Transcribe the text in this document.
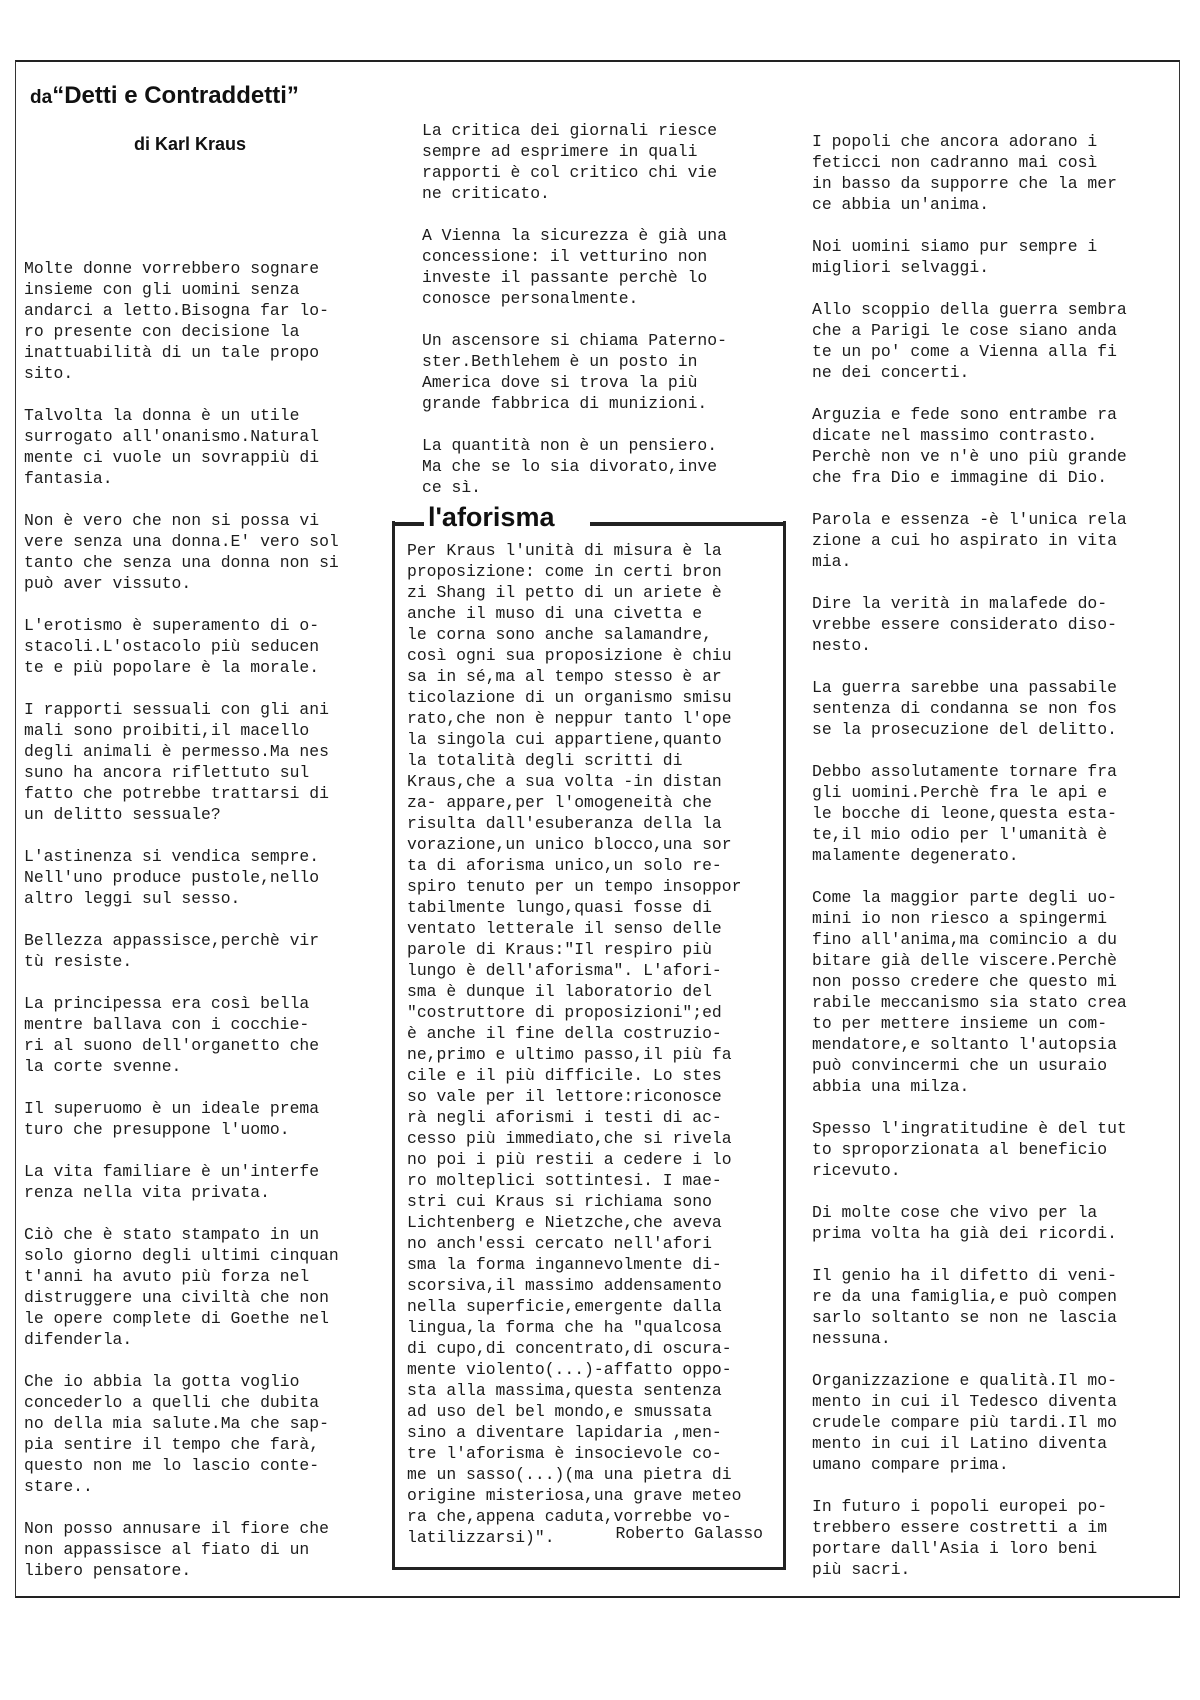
da“Detti e Contraddetti”
di Karl Kraus

Molte donne vorrebbero sognare
insieme con gli uomini senza
andarci a letto.Bisogna far lo-
ro presente con decisione la
inattuabilità di un tale propo
sito.

Talvolta la donna è un utile
surrogato all'onanismo.Natural
mente ci vuole un sovrappiù di
fantasia.

Non è vero che non si possa vi
vere senza una donna.E' vero sol
tanto che senza una donna non si
può aver vissuto.

L'erotismo è superamento di o-
stacoli.L'ostacolo più seducen
te e più popolare è la morale.

I rapporti sessuali con gli ani
mali sono proibiti,il macello
degli animali è permesso.Ma nes
suno ha ancora riflettuto sul
fatto che potrebbe trattarsi di
un delitto sessuale?

L'astinenza si vendica sempre.
Nell'uno produce pustole,nello
altro leggi sul sesso.

Bellezza appassisce,perchè vir
tù resiste.

La principessa era così bella
mentre ballava con i cocchie-
ri al suono dell'organetto che
la corte svenne.

Il superuomo è un ideale prema
turo che presuppone l'uomo.

La vita familiare è un'interfe
renza nella vita privata.

Ciò che è stato stampato in un
solo giorno degli ultimi cinquan
t'anni ha avuto più forza nel
distruggere una civiltà che non
le opere complete di Goethe nel
difenderla.

Che io abbia la gotta voglio
concederlo a quelli che dubita
no della mia salute.Ma che sap-
pia sentire il tempo che farà,
questo non me lo lascio conte-
stare..

Non posso annusare il fiore che
non appassisce al fiato di un
libero pensatore.

La critica dei giornali riesce
sempre ad esprimere in quali
rapporti è col critico chi vie
ne criticato.

A Vienna la sicurezza è già una
concessione: il vetturino non
investe il passante perchè lo
conosce personalmente.

Un ascensore si chiama Paterno-
ster.Bethlehem è un posto in
America dove si trova la più
grande fabbrica di munizioni.

La quantità non è un pensiero.
Ma che se lo sia divorato,inve
ce sì.

l'aforisma

Per Kraus l'unità di misura è la
proposizione: come in certi bron
zi Shang il petto di un ariete è
anche il muso di una civetta e
le corna sono anche salamandre,
così ogni sua proposizione è chiu
sa in sé,ma al tempo stesso è ar
ticolazione di un organismo smisu
rato,che non è neppur tanto l'ope
la singola cui appartiene,quanto
la totalità degli scritti di
Kraus,che a sua volta -in distan
za- appare,per l'omogeneità che
risulta dall'esuberanza della la
vorazione,un unico blocco,una sor
ta di aforisma unico,un solo re-
spiro tenuto per un tempo insoppor
tabilmente lungo,quasi fosse di
ventato letterale il senso delle
parole di Kraus:"Il respiro più
lungo è dell'aforisma". L'afori-
sma è dunque il laboratorio del
"costruttore di proposizioni";ed
è anche il fine della costruzio-
ne,primo e ultimo passo,il più fa
cile e il più difficile. Lo stes
so vale per il lettore:riconosce
rà negli aforismi i testi di ac-
cesso più immediato,che si rivela
no poi i più restii a cedere i lo
ro molteplici sottintesi. I mae-
stri cui Kraus si richiama sono
Lichtenberg e Nietzche,che aveva
no anch'essi cercato nell'afori
sma la forma ingannevolmente di-
scorsiva,il massimo addensamento
nella superficie,emergente dalla
lingua,la forma che ha "qualcosa
di cupo,di concentrato,di oscura-
mente violento(...)-affatto oppo-
sta alla massima,questa sentenza
ad uso del bel mondo,e smussata
sino a diventare lapidaria ,men-
tre l'aforisma è insocievole co-
me un sasso(...)(ma una pietra di
origine misteriosa,una grave meteo
ra che,appena caduta,vorrebbe vo-
latilizzarsi)".	Roberto Galasso

I popoli che ancora adorano i
feticci non cadranno mai così
in basso da supporre che la mer
ce abbia un'anima.

Noi uomini siamo pur sempre i
migliori selvaggi.

Allo scoppio della guerra sembra
che a Parigi le cose siano anda
te un po' come a Vienna alla fi
ne dei concerti.

Arguzia e fede sono entrambe ra
dicate nel massimo contrasto.
Perchè non ve n'è uno più grande
che fra Dio e immagine di Dio.

Parola e essenza -è l'unica rela
zione a cui ho aspirato in vita
mia.

Dire la verità in malafede do-
vrebbe essere considerato diso-
nesto.

La guerra sarebbe una passabile
sentenza di condanna se non fos
se la prosecuzione del delitto.

Debbo assolutamente tornare fra
gli uomini.Perchè fra le api e
le bocche di leone,questa esta-
te,il mio odio per l'umanità è
malamente degenerato.

Come la maggior parte degli uo-
mini io non riesco a spingermi
fino all'anima,ma comincio a du
bitare già delle viscere.Perchè
non posso credere che questo mi
rabile meccanismo sia stato crea
to per mettere insieme un com-
mendatore,e soltanto l'autopsia
può convincermi che un usuraio
abbia una milza.

Spesso l'ingratitudine è del tut
to sproporzionata al beneficio
ricevuto.

Di molte cose che vivo per la
prima volta ha già dei ricordi.

Il genio ha il difetto di veni-
re da una famiglia,e può compen
sarlo soltanto se non ne lascia
nessuna.

Organizzazione e qualità.Il mo-
mento in cui il Tedesco diventa
crudele compare più tardi.Il mo
mento in cui il Latino diventa
umano compare prima.

In futuro i popoli europei po-
trebbero essere costretti a im
portare dall'Asia i loro beni
più sacri.
